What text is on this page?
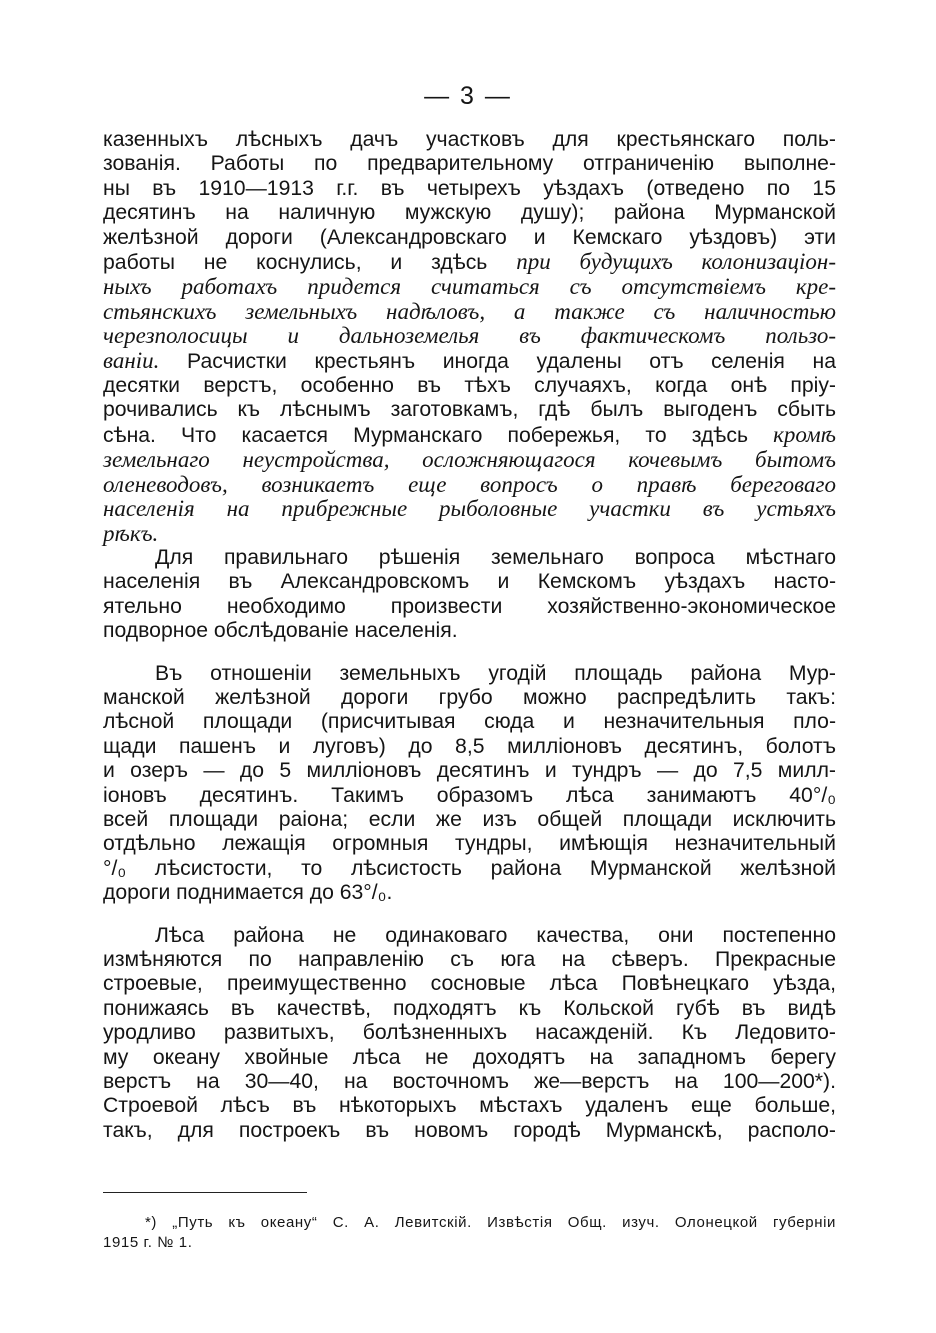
— 3 —

казенныхъ лѣсныхъ дачъ участковъ для крестьянскаго поль-
зованія. Работы по предварительному отграниченію выполне-
ны въ 1910—1913 г.г. въ четырехъ уѣздахъ (отведено по 15
десятинъ на наличную мужскую душу); района Мурманской
желѣзной дороги (Александровскаго и Кемскаго уѣздовъ) эти
работы не коснулись, и здѣсь при будущихъ колонизаціон-
ныхъ работахъ придется считаться съ отсутствіемъ кре-
стьянскихъ земельныхъ надѣловъ, а также съ наличностью
черезполосицы и дальноземелья въ фактическомъ пользо-
ваніи. Расчистки крестьянъ иногда удалены отъ селенія на
десятки верстъ, особенно въ тѣхъ случаяхъ, когда онѣ пріу-
рочивались къ лѣснымъ заготовкамъ, гдѣ былъ выгоденъ сбыть
сѣна. Что касается Мурманскаго побережья, то здѣсь кромѣ
земельнаго неустройства, осложняющагося кочевымъ бытомъ
оленеводовъ, возникаетъ еще вопросъ о правѣ береговаго
населенія на прибрежные рыболовные участки въ устьяхъ
рѣкъ.

Для правильнаго рѣшенія земельнаго вопроса мѣстнаго
населенія въ Александровскомъ и Кемскомъ уѣздахъ насто-
ятельно необходимо произвести хозяйственно-экономическое
подворное обслѣдованіе населенія.

Въ отношеніи земельныхъ угодій площадь района Мур-
манской желѣзной дороги грубо можно распредѣлить такъ:
лѣсной площади (присчитывая сюда и незначительныя пло-
щади пашенъ и луговъ) до 8,5 милліоновъ десятинъ, болотъ
и озеръ — до 5 милліоновъ десятинъ и тундръ — до 7,5 милл-
іоновъ десятинъ. Такимъ образомъ лѣса занимаютъ 40°/₀
всей площади раіона; если же изъ общей площади исключить
отдѣльно лежащія огромныя тундры, имѣющія незначительный
°/₀ лѣсистости, то лѣсистость района Мурманской желѣзной
дороги поднимается до 63°/₀.

Лѣса района не одинаковаго качества, они постепенно
измѣняются по направленію съ юга на сѣверъ. Прекрасные
строевые, преимущественно сосновые лѣса Повѣнецкаго уѣзда,
понижаясь въ качествѣ, подходятъ къ Кольской губѣ въ видѣ
уродливо развитыхъ, болѣзненныхъ насажденій. Къ Ледовито-
му океану хвойные лѣса не доходятъ на западномъ берегу
верстъ на 30—40, на восточномъ же—верстъ на 100—200*).
Строевой лѣсъ въ нѣкоторыхъ мѣстахъ удаленъ еще больше,
такъ, для построекъ въ новомъ городѣ Мурманскѣ, располо-

*) „Путь къ океану“ С. А. Левитскій. Извѣстія Общ. изуч. Олонецкой губерніи
1915 г. № 1.
